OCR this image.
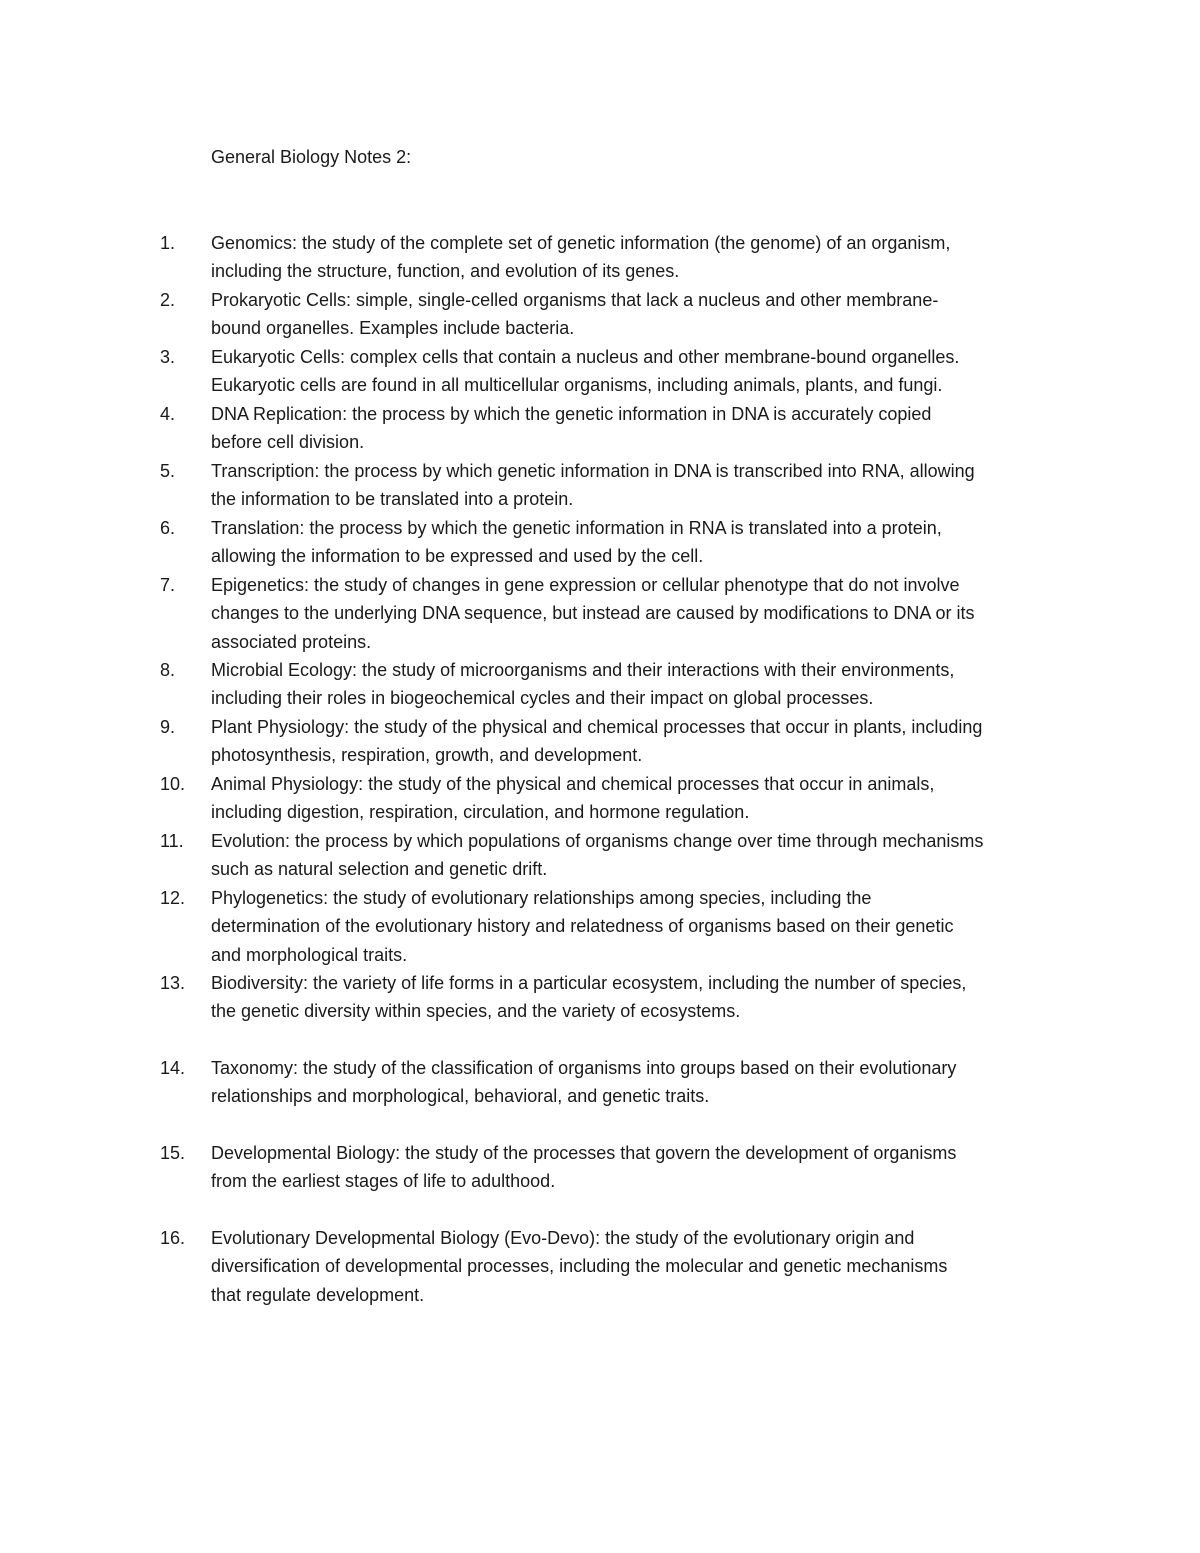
General Biology Notes 2:
1.	Genomics: the study of the complete set of genetic information (the genome) of an organism,
including the structure, function, and evolution of its genes.
2.	Prokaryotic Cells: simple, single-celled organisms that lack a nucleus and other membrane-
bound organelles. Examples include bacteria.
3.	Eukaryotic Cells: complex cells that contain a nucleus and other membrane-bound organelles.
Eukaryotic cells are found in all multicellular organisms, including animals, plants, and fungi.
4.	DNA Replication: the process by which the genetic information in DNA is accurately copied
before cell division.
5.	Transcription: the process by which genetic information in DNA is transcribed into RNA, allowing
the information to be translated into a protein.
6.	Translation: the process by which the genetic information in RNA is translated into a protein,
allowing the information to be expressed and used by the cell.
7.	Epigenetics: the study of changes in gene expression or cellular phenotype that do not involve
changes to the underlying DNA sequence, but instead are caused by modifications to DNA or its
associated proteins.
8.	Microbial Ecology: the study of microorganisms and their interactions with their environments,
including their roles in biogeochemical cycles and their impact on global processes.
9.	Plant Physiology: the study of the physical and chemical processes that occur in plants, including
photosynthesis, respiration, growth, and development.
10.	Animal Physiology: the study of the physical and chemical processes that occur in animals,
including digestion, respiration, circulation, and hormone regulation.
11.	Evolution: the process by which populations of organisms change over time through mechanisms
such as natural selection and genetic drift.
12.	Phylogenetics: the study of evolutionary relationships among species, including the
determination of the evolutionary history and relatedness of organisms based on their genetic
and morphological traits.
13.	Biodiversity: the variety of life forms in a particular ecosystem, including the number of species,
the genetic diversity within species, and the variety of ecosystems.
14.	Taxonomy: the study of the classification of organisms into groups based on their evolutionary
relationships and morphological, behavioral, and genetic traits.
15.	Developmental Biology: the study of the processes that govern the development of organisms
from the earliest stages of life to adulthood.
16.	Evolutionary Developmental Biology (Evo-Devo): the study of the evolutionary origin and
diversification of developmental processes, including the molecular and genetic mechanisms
that regulate development.
